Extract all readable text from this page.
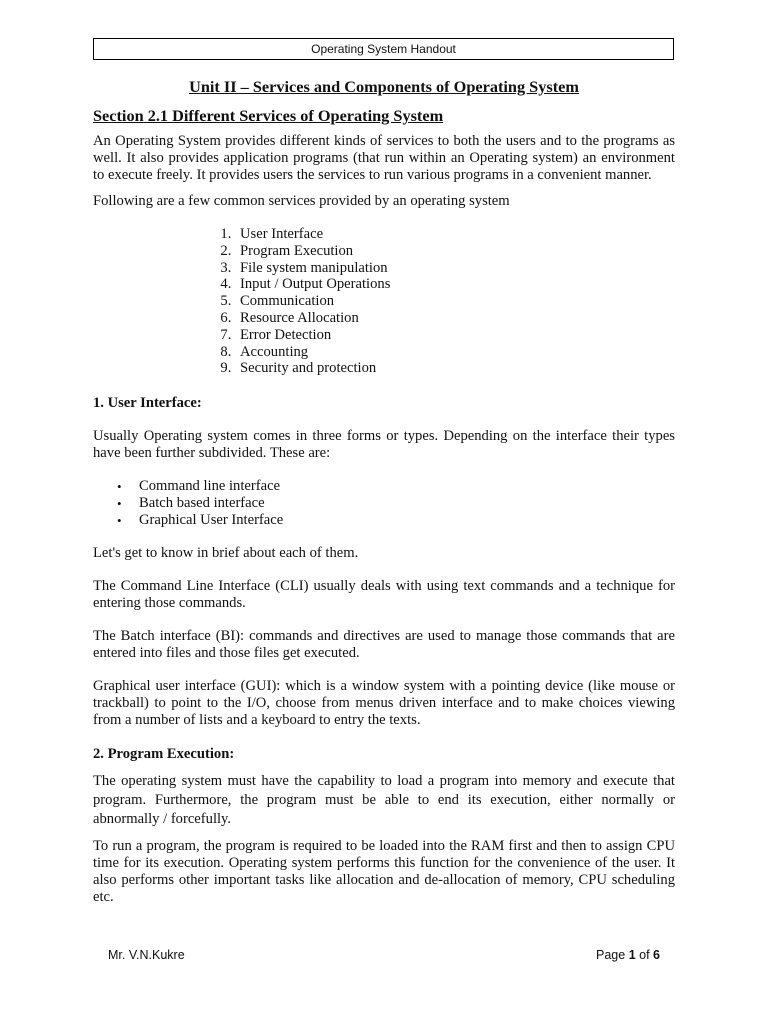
Operating System Handout
Unit II – Services and Components of Operating System
Section 2.1 Different Services of Operating System

An Operating System provides different kinds of services to both the users and to the programs as well. It also provides application programs (that run within an Operating system) an environment to execute freely. It provides users the services to run various programs in a convenient manner.

Following are a few common services provided by an operating system

1. User Interface
2. Program Execution
3. File system manipulation
4. Input / Output Operations
5. Communication
6. Resource Allocation
7. Error Detection
8. Accounting
9. Security and protection
1. User Interface:

Usually Operating system comes in three forms or types. Depending on the interface their types have been further subdivided. These are:

• Command line interface
• Batch based interface
• Graphical User Interface

Let's get to know in brief about each of them.

The Command Line Interface (CLI) usually deals with using text commands and a technique for entering those commands.

The Batch interface (BI): commands and directives are used to manage those commands that are entered into files and those files get executed.

Graphical user interface (GUI): which is a window system with a pointing device (like mouse or trackball) to point to the I/O, choose from menus driven interface and to make choices viewing from a number of lists and a keyboard to entry the texts.

2. Program Execution:

The operating system must have the capability to load a program into memory and execute that program. Furthermore, the program must be able to end its execution, either normally or abnormally / forcefully.

To run a program, the program is required to be loaded into the RAM first and then to assign CPU time for its execution. Operating system performs this function for the convenience of the user. It also performs other important tasks like allocation and de-allocation of memory, CPU scheduling etc.

Mr. V.N.Kukre	Page 1 of 6
